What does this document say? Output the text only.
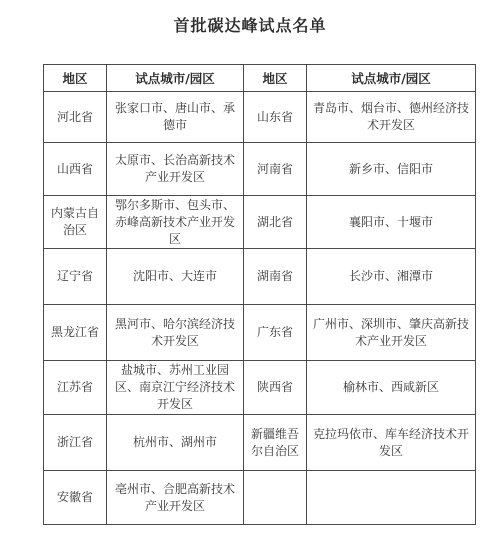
首批碳达峰试点名单
地区	试点城市/园区	地区	试点城市/园区
河北省	张家口市、唐山市、承德市	山东省	青岛市、烟台市、德州经济技术开发区
山西省	太原市、长治高新技术产业开发区	河南省	新乡市、信阳市
内蒙古自治区	鄂尔多斯市、包头市、赤峰高新技术产业开发区	湖北省	襄阳市、十堰市
辽宁省	沈阳市、大连市	湖南省	长沙市、湘潭市
黑龙江省	黑河市、哈尔滨经济技术开发区	广东省	广州市、深圳市、肇庆高新技术产业开发区
江苏省	盐城市、苏州工业园区、南京江宁经济技术开发区	陕西省	榆林市、西咸新区
浙江省	杭州市、湖州市	新疆维吾尔自治区	克拉玛依市、库车经济技术开发区
安徽省	亳州市、合肥高新技术产业开发区		
